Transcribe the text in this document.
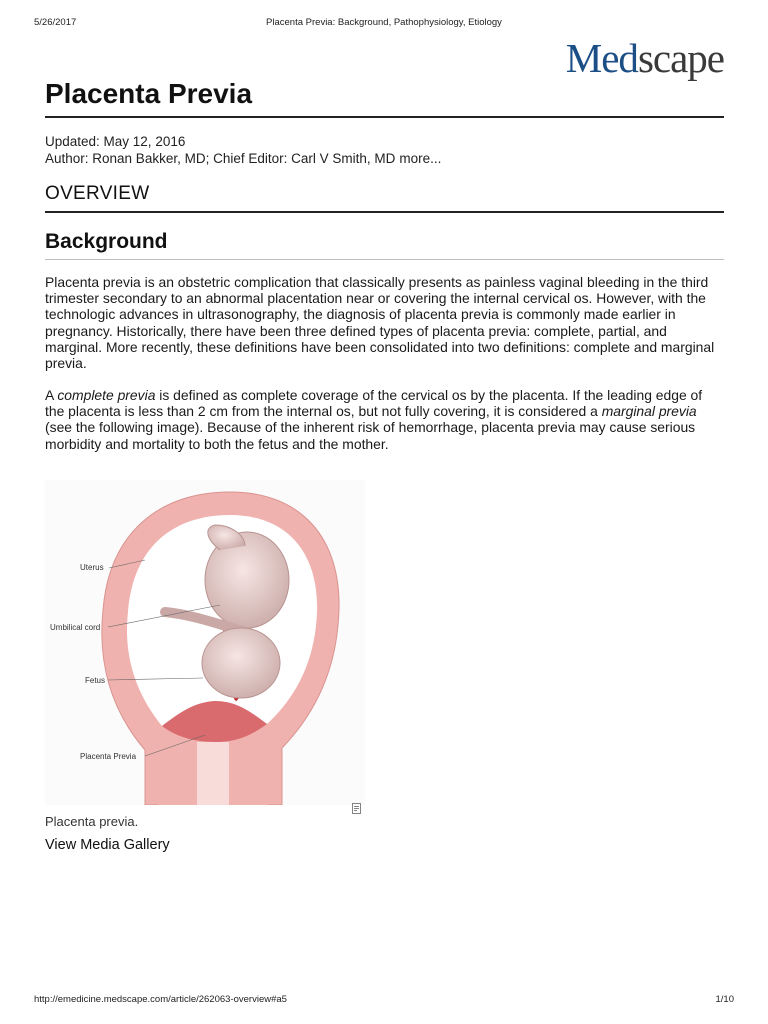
5/26/2017	Placenta Previa: Background, Pathophysiology, Etiology
Medscape
Placenta Previa
Updated: May 12, 2016
Author: Ronan Bakker, MD; Chief Editor: Carl V Smith, MD more...
OVERVIEW
Background

Placenta previa is an obstetric complication that classically presents as painless vaginal bleeding in the third trimester secondary to an abnormal placentation near or covering the internal cervical os. However, with the technologic advances in ultrasonography, the diagnosis of placenta previa is commonly made earlier in pregnancy. Historically, there have been three defined types of placenta previa: complete, partial, and marginal. More recently, these definitions have been consolidated into two definitions: complete and marginal previa.

A complete previa is defined as complete coverage of the cervical os by the placenta. If the leading edge of the placenta is less than 2 cm from the internal os, but not fully covering, it is considered a marginal previa (see the following image). Because of the inherent risk of hemorrhage, placenta previa may cause serious morbidity and mortality to both the fetus and the mother.

Uterus
Umbilical cord
Fetus
Placenta Previa
Placenta previa.
View Media Gallery
http://emedicine.medscape.com/article/262063-overview#a5	1/10
